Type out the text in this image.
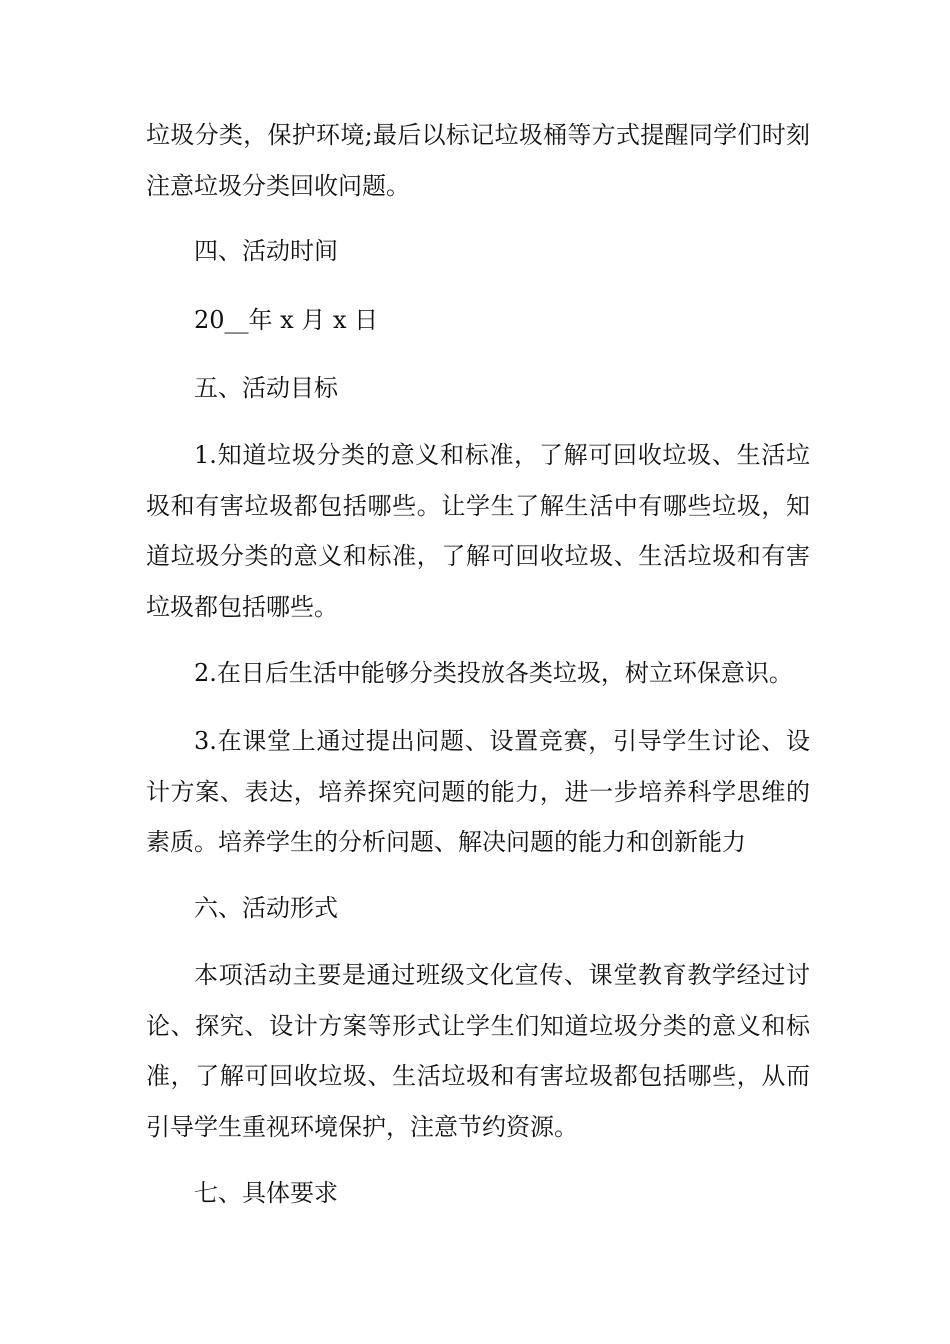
垃圾分类，保护环境;最后以标记垃圾桶等方式提醒同学们时刻注意垃圾分类回收问题。

四、活动时间

20__年 x 月 x 日

五、活动目标

1.知道垃圾分类的意义和标准，了解可回收垃圾、生活垃圾和有害垃圾都包括哪些。让学生了解生活中有哪些垃圾，知道垃圾分类的意义和标准，了解可回收垃圾、生活垃圾和有害垃圾都包括哪些。

2.在日后生活中能够分类投放各类垃圾，树立环保意识。

3.在课堂上通过提出问题、设置竞赛，引导学生讨论、设计方案、表达，培养探究问题的能力，进一步培养科学思维的素质。培养学生的分析问题、解决问题的能力和创新能力

六、活动形式

本项活动主要是通过班级文化宣传、课堂教育教学经过讨论、探究、设计方案等形式让学生们知道垃圾分类的意义和标准，了解可回收垃圾、生活垃圾和有害垃圾都包括哪些，从而引导学生重视环境保护，注意节约资源。

七、具体要求
